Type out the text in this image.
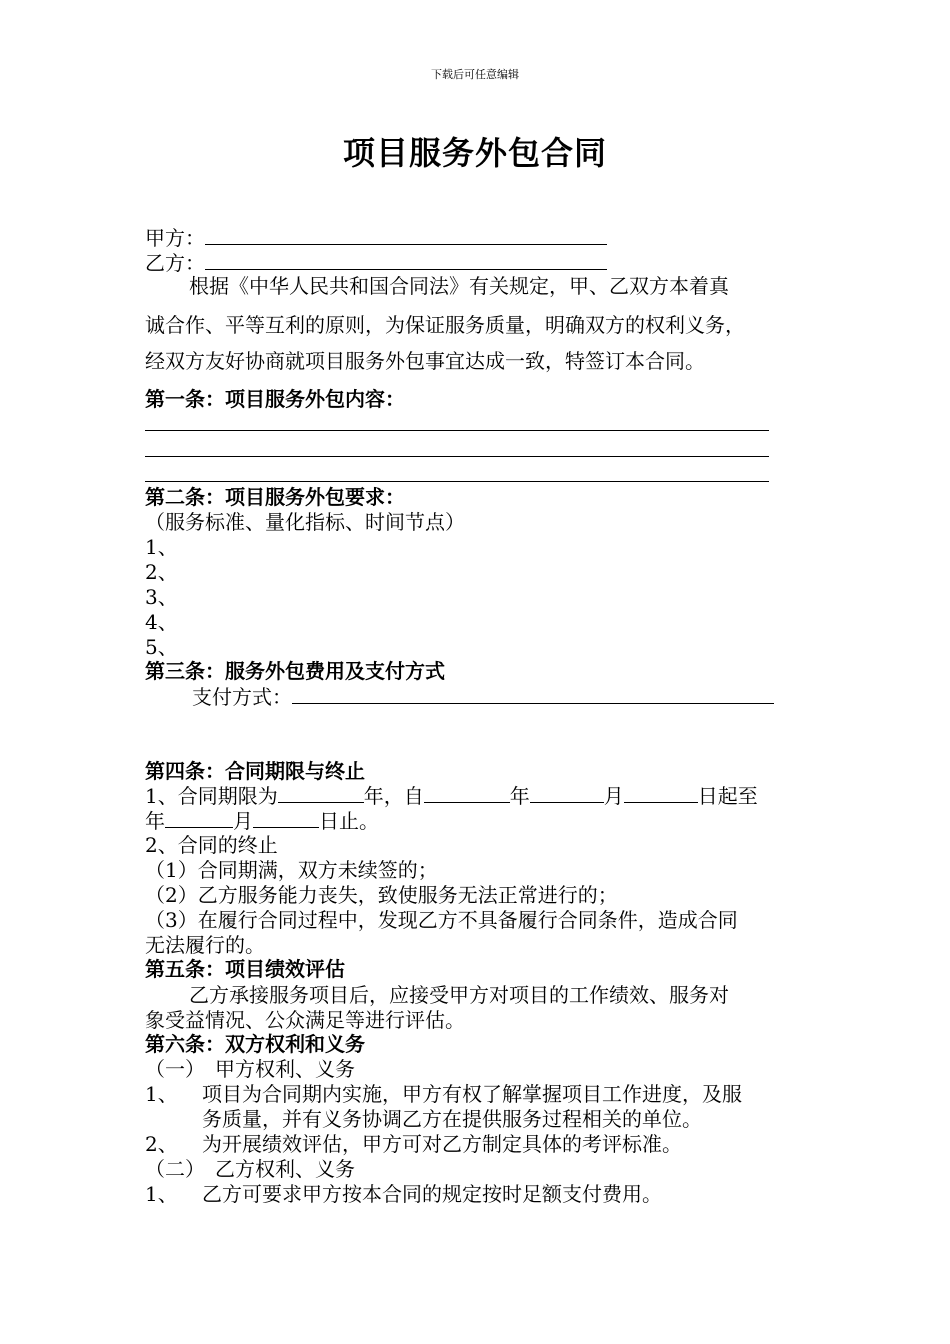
下载后可任意编辑
项目服务外包合同
甲方：
乙方：
根据《中华人民共和国合同法》有关规定，甲、乙双方本着真
诚合作、平等互利的原则，为保证服务质量，明确双方的权利义务，
经双方友好协商就项目服务外包事宜达成一致，特签订本合同。
第一条：项目服务外包内容：
第二条：项目服务外包要求：
（服务标准、量化指标、时间节点）
1、
2、
3、
4、
5、
第三条：服务外包费用及支付方式
支付方式：
第四条：合同期限与终止
1、合同期限为	年，自	年	月	日起至
年	月	日止。
2、合同的终止
（1）合同期满，双方未续签的；
（2）乙方服务能力丧失，致使服务无法正常进行的；
（3）在履行合同过程中，发现乙方不具备履行合同条件，造成合同
无法履行的。
第五条：项目绩效评估
乙方承接服务项目后，应接受甲方对项目的工作绩效、服务对
象受益情况、公众满足等进行评估。
第六条：双方权利和义务
（一）　甲方权利、义务
1、 项目为合同期内实施，甲方有权了解掌握项目工作进度，及服
务质量，并有义务协调乙方在提供服务过程相关的单位。
2、 为开展绩效评估，甲方可对乙方制定具体的考评标准。
（二）　乙方权利、义务
1、 乙方可要求甲方按本合同的规定按时足额支付费用。
